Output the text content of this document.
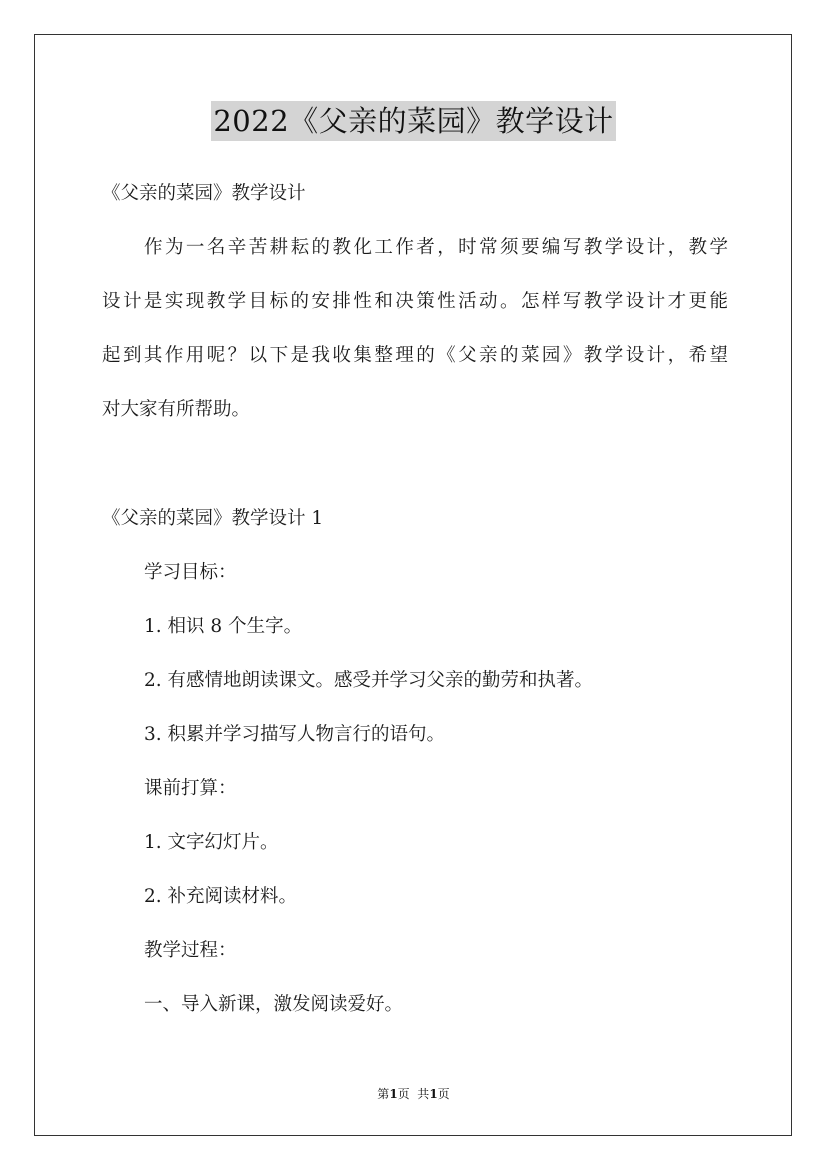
2022《父亲的菜园》教学设计
《父亲的菜园》教学设计
作为一名辛苦耕耘的教化工作者，时常须要编写教学设计，教学
设计是实现教学目标的安排性和决策性活动。怎样写教学设计才更能
起到其作用呢？以下是我收集整理的《父亲的菜园》教学设计，希望
对大家有所帮助。
《父亲的菜园》教学设计 1
学习目标：
1. 相识 8 个生字。
2. 有感情地朗读课文。感受并学习父亲的勤劳和执著。
3. 积累并学习描写人物言行的语句。
课前打算：
1. 文字幻灯片。
2. 补充阅读材料。
教学过程：
一、导入新课，激发阅读爱好。
第1页  共1页
